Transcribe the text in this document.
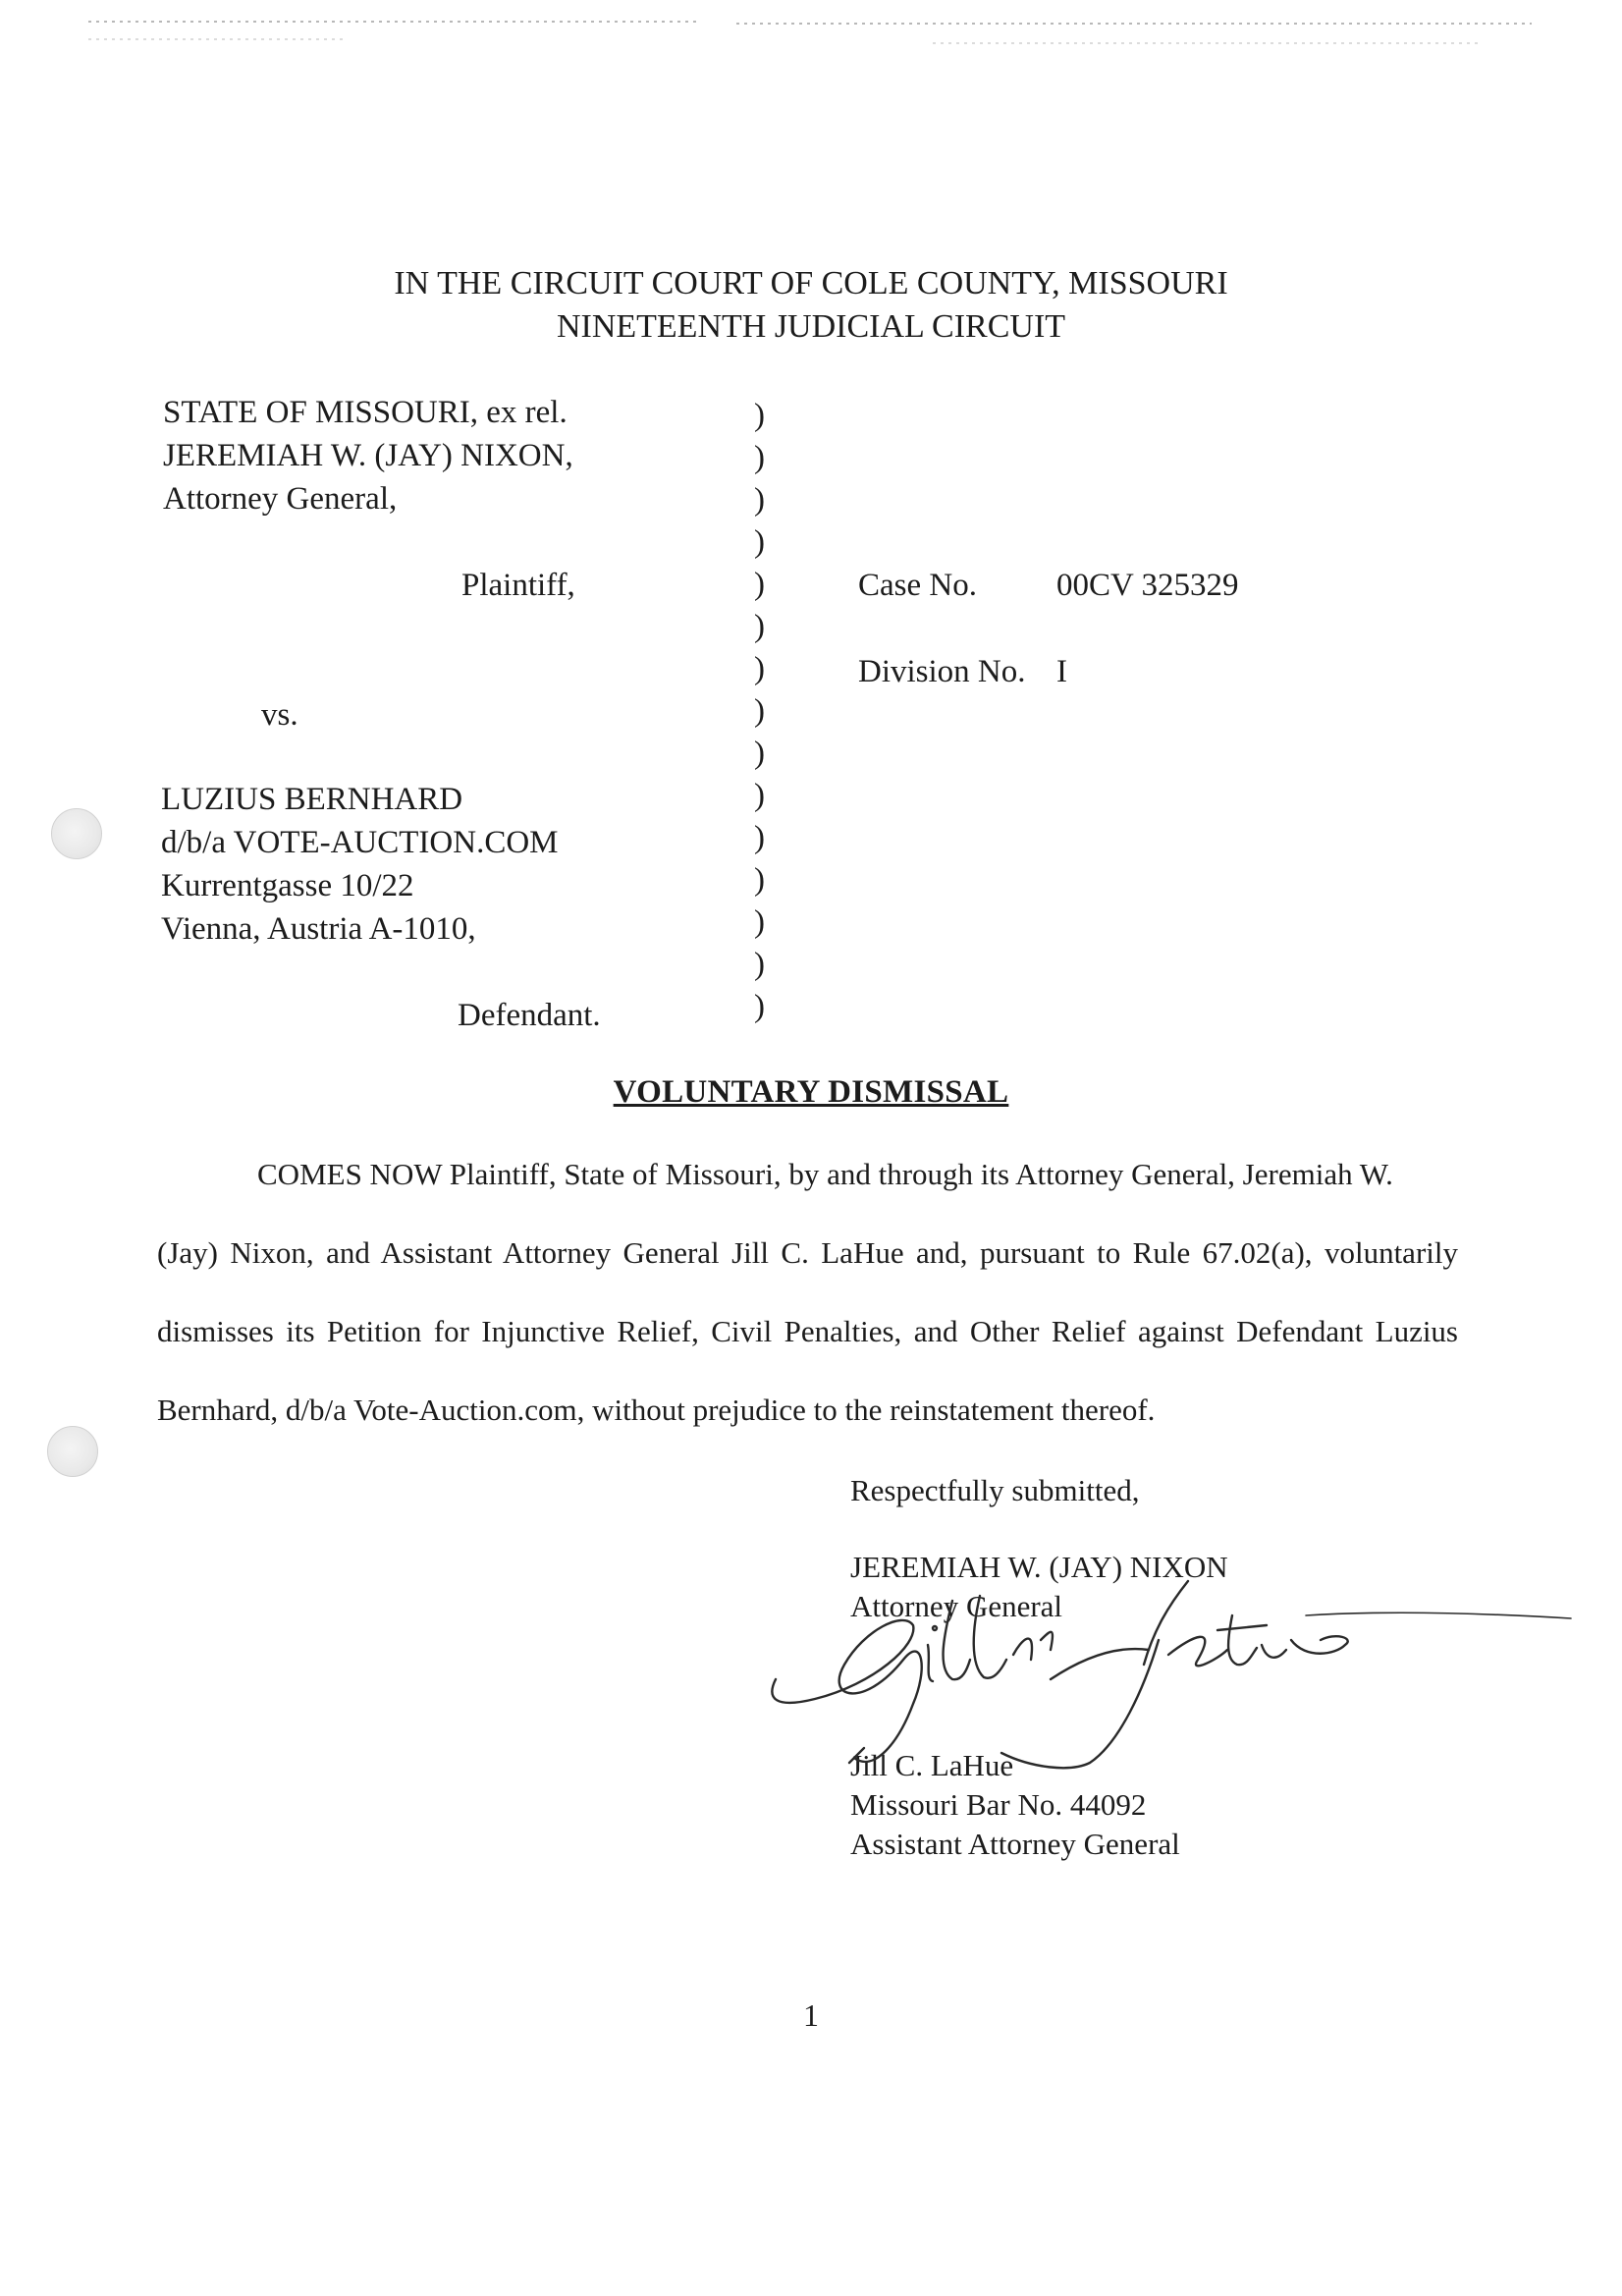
IN THE CIRCUIT COURT OF COLE COUNTY, MISSOURI
NINETEENTH JUDICIAL CIRCUIT
STATE OF MISSOURI, ex rel.
JEREMIAH W. (JAY) NIXON,
Attorney General,
Plaintiff,
vs.
LUZIUS BERNHARD
d/b/a VOTE-AUCTION.COM
Kurrentgasse 10/22
Vienna, Austria A-1010,
Defendant.
)
)
)
)
)
)
)
)
)
)
)
)
)
)
)
Case No. 00CV 325329
Division No. I
VOLUNTARY DISMISSAL
COMES NOW Plaintiff, State of Missouri, by and through its Attorney General, Jeremiah W.
(Jay) Nixon, and Assistant Attorney General Jill C. LaHue and, pursuant to Rule 67.02(a), voluntarily
dismisses its Petition for Injunctive Relief, Civil Penalties, and Other Relief against Defendant Luzius
Bernhard, d/b/a Vote-Auction.com, without prejudice to the reinstatement thereof.
Respectfully submitted,
JEREMIAH W. (JAY) NIXON
Attorney General
Jill C. LaHue
Missouri Bar No. 44092
Assistant Attorney General
1
